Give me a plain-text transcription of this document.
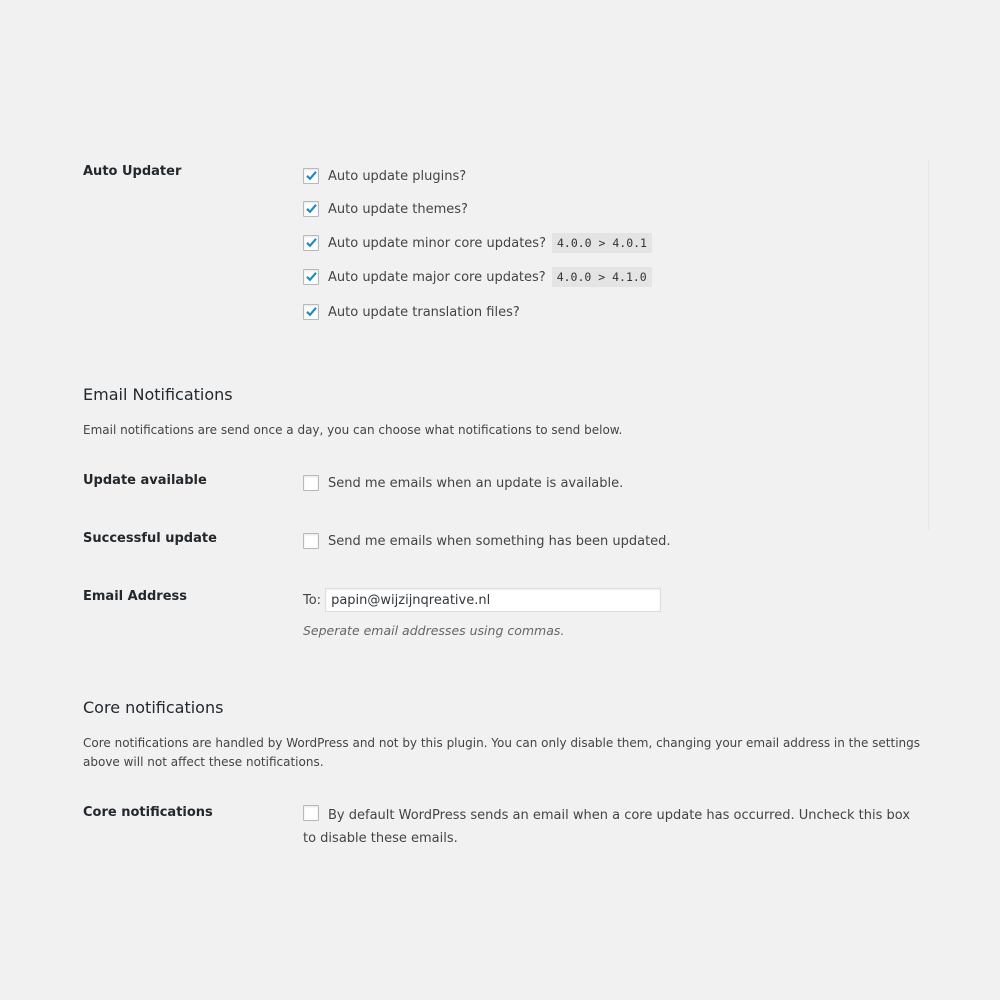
Auto Updater	Auto update plugins?
Auto update themes?
Auto update minor core updates? 4.0.0 > 4.0.1
Auto update major core updates? 4.0.0 > 4.1.0
Auto update translation files?
Email Notifications

Email notifications are send once a day, you can choose what notifications to send below.

Update available	Send me emails when an update is available.
Successful update	Send me emails when something has been updated.
Email Address	To:
papin@wijzijnqreative.nl
Seperate email addresses using commas.
Core notifications

Core notifications are handled by WordPress and not by this plugin. You can only disable them, changing your email address in the settings above will not affect these notifications.

Core notifications	By default WordPress sends an email when a core update has occurred. Uncheck this box to disable these emails.
